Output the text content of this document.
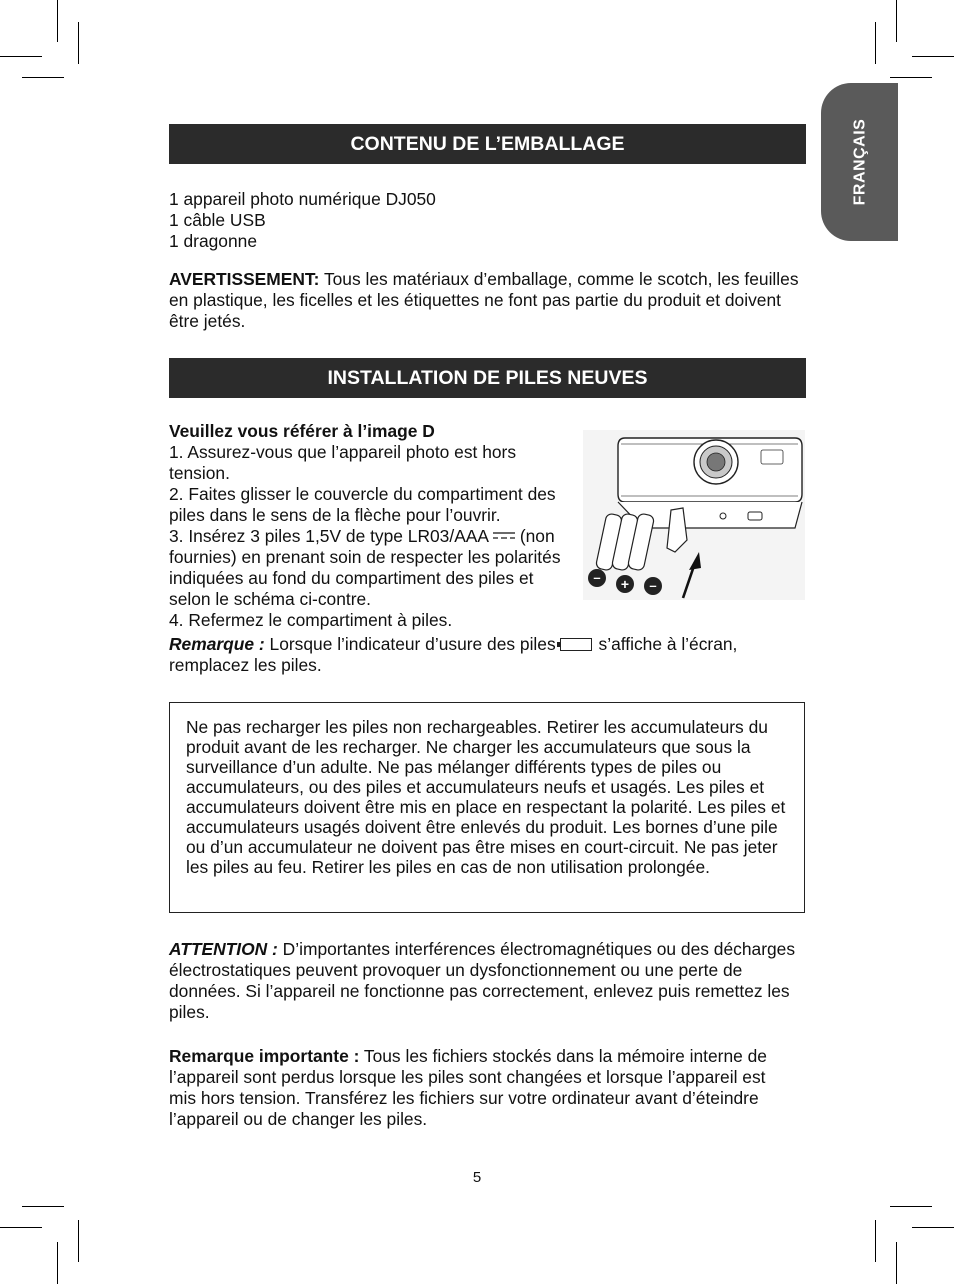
FRANÇAIS
CONTENU DE L’EMBALLAGE

1 appareil photo numérique DJ050

1 câble USB

1 dragonne

AVERTISSEMENT: Tous les matériaux d’emballage, comme le scotch, les feuilles en plastique, les ficelles et les étiquettes ne font pas partie du produit et doivent être jetés.

INSTALLATION DE PILES NEUVES

Veuillez vous référer à l’image D

1. Assurez-vous que l’appareil photo est hors tension.

2. Faites glisser le couvercle du compartiment des piles dans le sens de la flèche pour l’ouvrir.

3. Insérez 3 piles 1,5V de type LR03/AAA (non fournies) en prenant soin de respecter les polarités indiquées au fond du compartiment des piles et selon le schéma ci-contre.

4. Refermez le compartiment à piles.

Remarque : Lorsque l’indicateur d’usure des piles s’affiche à l’écran, remplacez les piles.

– + –
Ne pas recharger les piles non rechargeables. Retirer les accumulateurs du produit avant de les recharger. Ne charger les accumulateurs que sous la surveillance d’un adulte. Ne pas mélanger différents types de piles ou accumulateurs, ou des piles et accumulateurs neufs et usagés. Les piles et accumulateurs doivent être mis en place en respectant la polarité. Les piles et accumulateurs usagés doivent être enlevés du produit. Les bornes d’une pile ou d’un accumulateur ne doivent pas être mises en court-circuit. Ne pas jeter les piles au feu. Retirer les piles en cas de non utilisation prolongée.

ATTENTION : D’importantes interférences électromagnétiques ou des décharges électrostatiques peuvent provoquer un dysfonctionnement ou une perte de données. Si l’appareil ne fonctionne pas correctement, enlevez puis remettez les piles.

Remarque importante : Tous les fichiers stockés dans la mémoire interne de l’appareil sont perdus lorsque les piles sont changées et lorsque l’appareil est mis hors tension. Transférez les fichiers sur votre ordinateur avant d’éteindre l’appareil ou de changer les piles.

5
